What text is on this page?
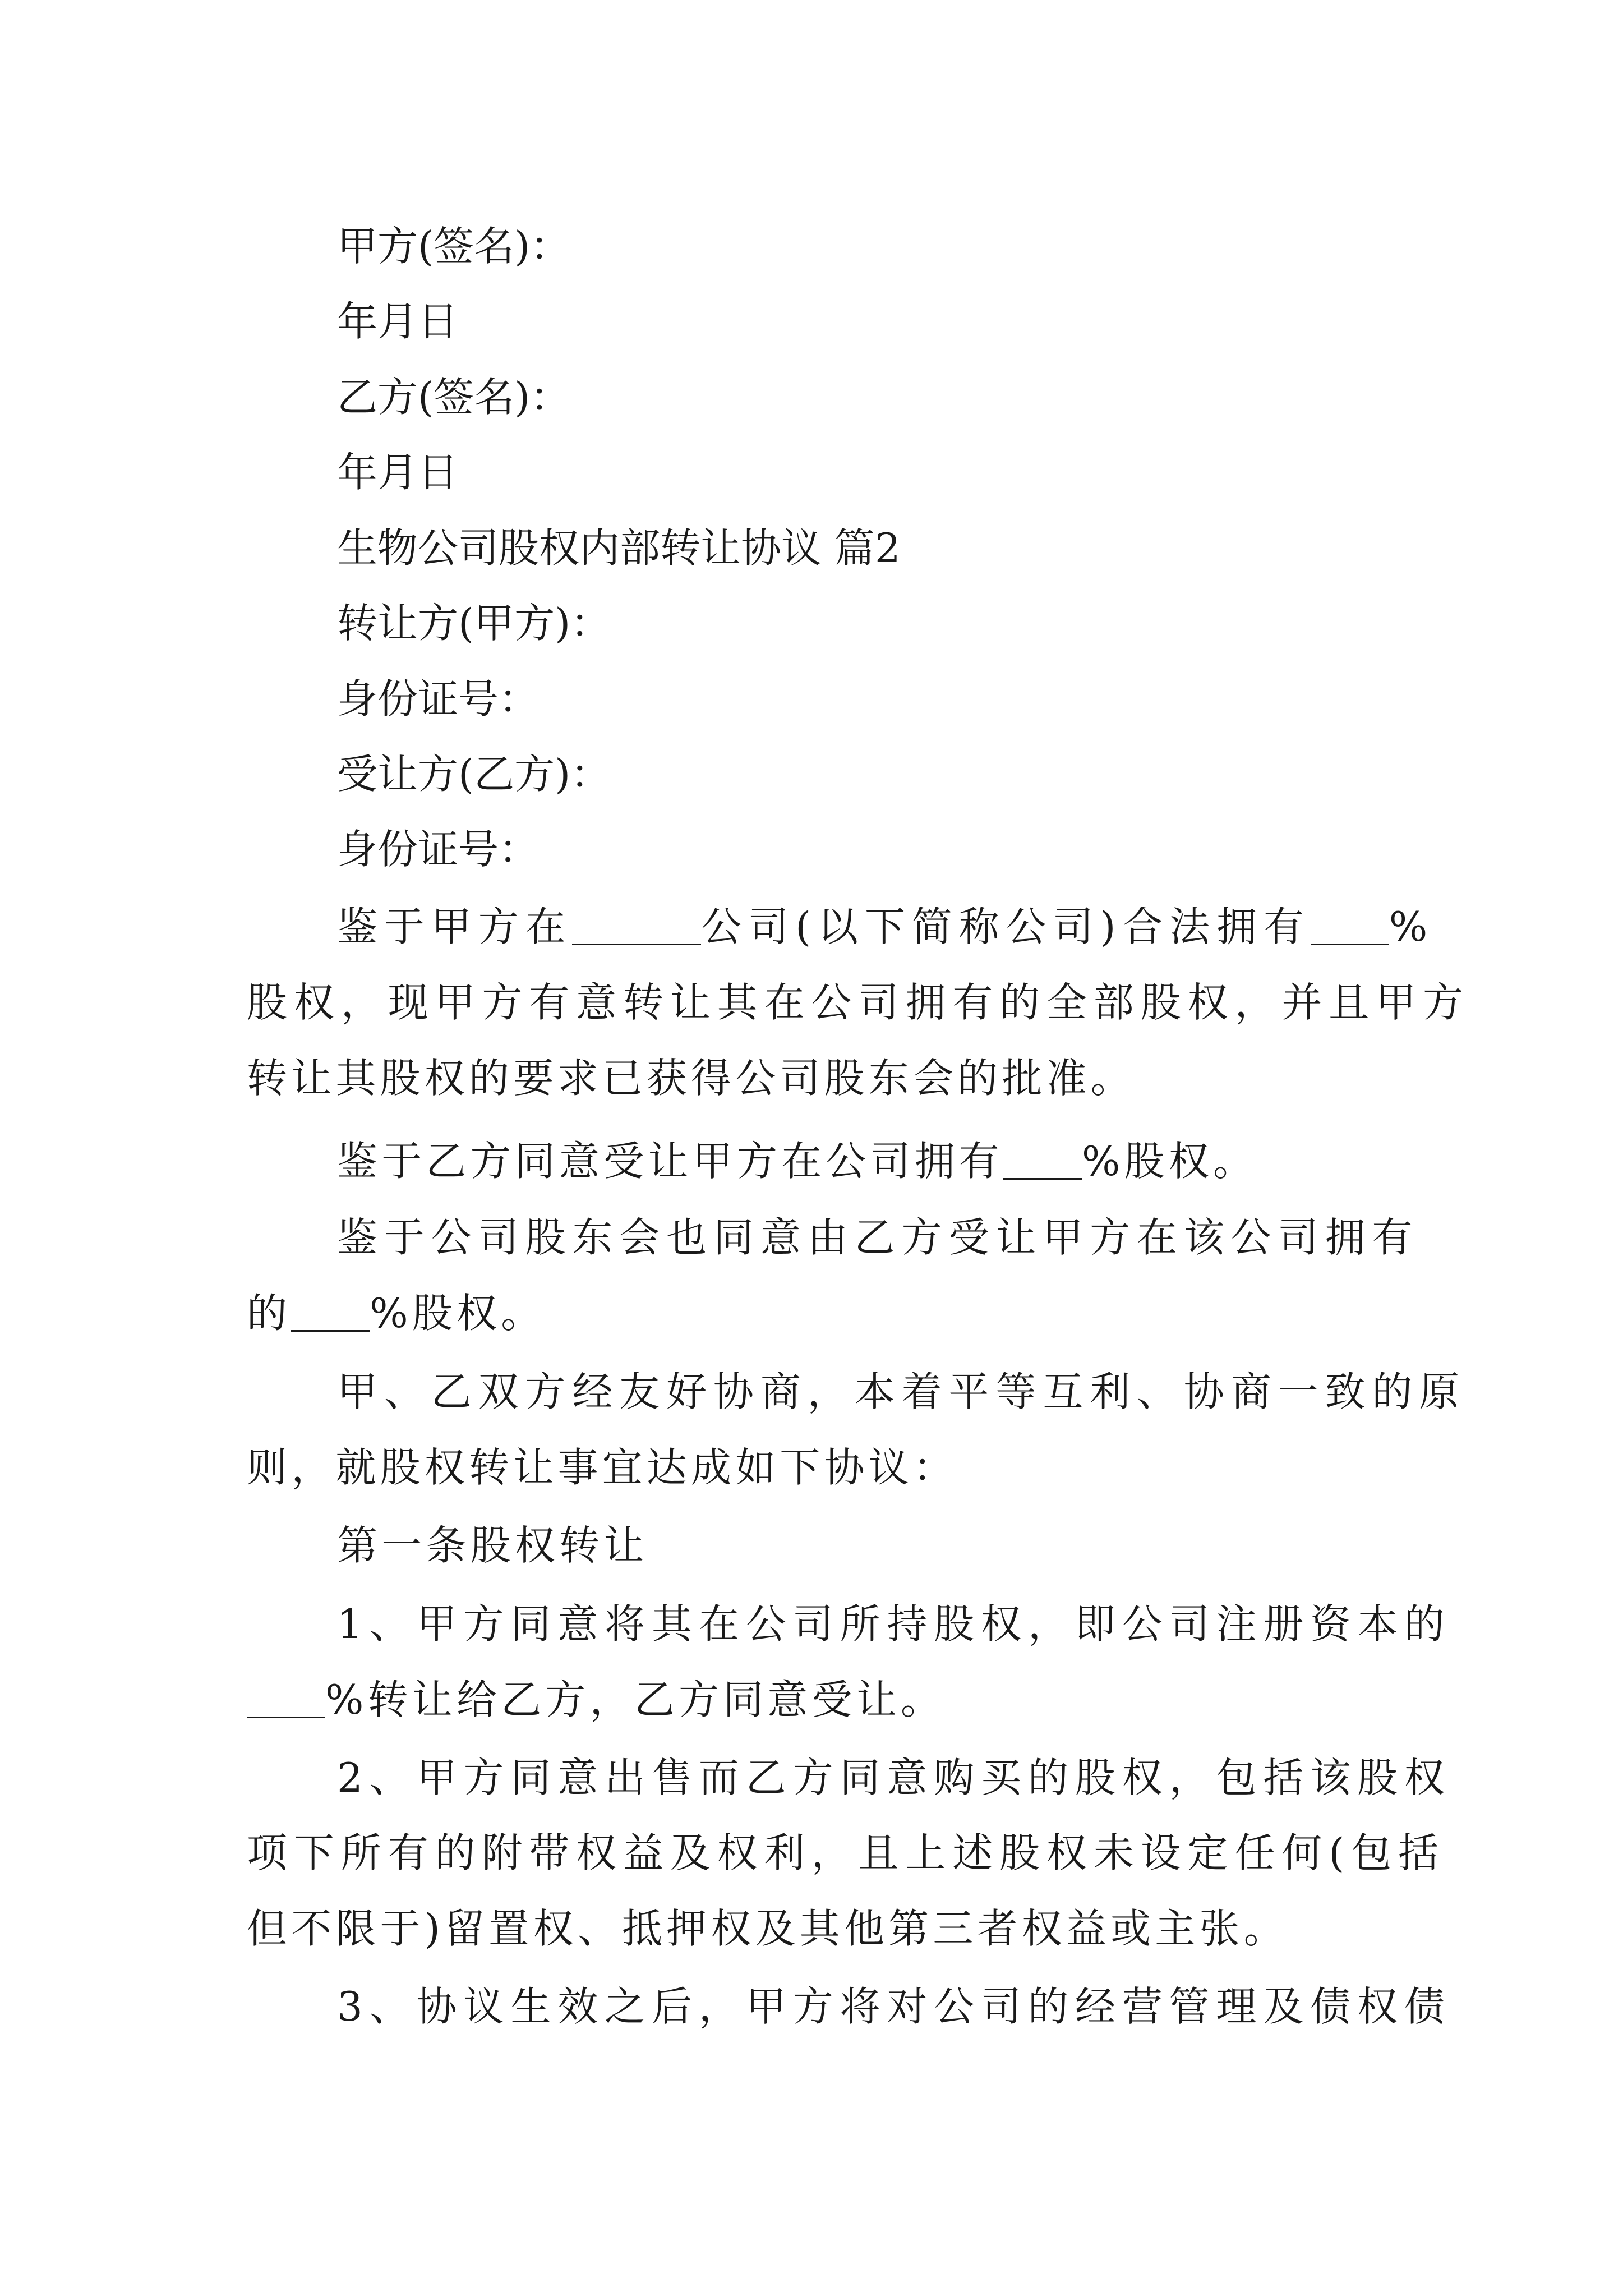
甲方(签名)：
年月日
乙方(签名)：
年月日
生物公司股权内部转让协议 篇2
转让方(甲方)：
身份证号：
受让方(乙方)：
身份证号：
鉴于甲方在	公司(以下简称公司)合法拥有 %
股权，现甲方有意转让其在公司拥有的全部股权，并且甲方
转让其股权的要求已获得公司股东会的批准。
鉴于乙方同意受让甲方在公司拥有 %股权。
鉴于公司股东会也同意由乙方受让甲方在该公司拥有
的 %股权。
甲、乙双方经友好协商，本着平等互利、协商一致的原
则，就股权转让事宜达成如下协议：
第一条股权转让
1、甲方同意将其在公司所持股权，即公司注册资本的
%转让给乙方，乙方同意受让。
2、甲方同意出售而乙方同意购买的股权，包括该股权
项下所有的附带权益及权利，且上述股权未设定任何(包括
但不限于)留置权、抵押权及其他第三者权益或主张。
3、协议生效之后，甲方将对公司的经营管理及债权债
